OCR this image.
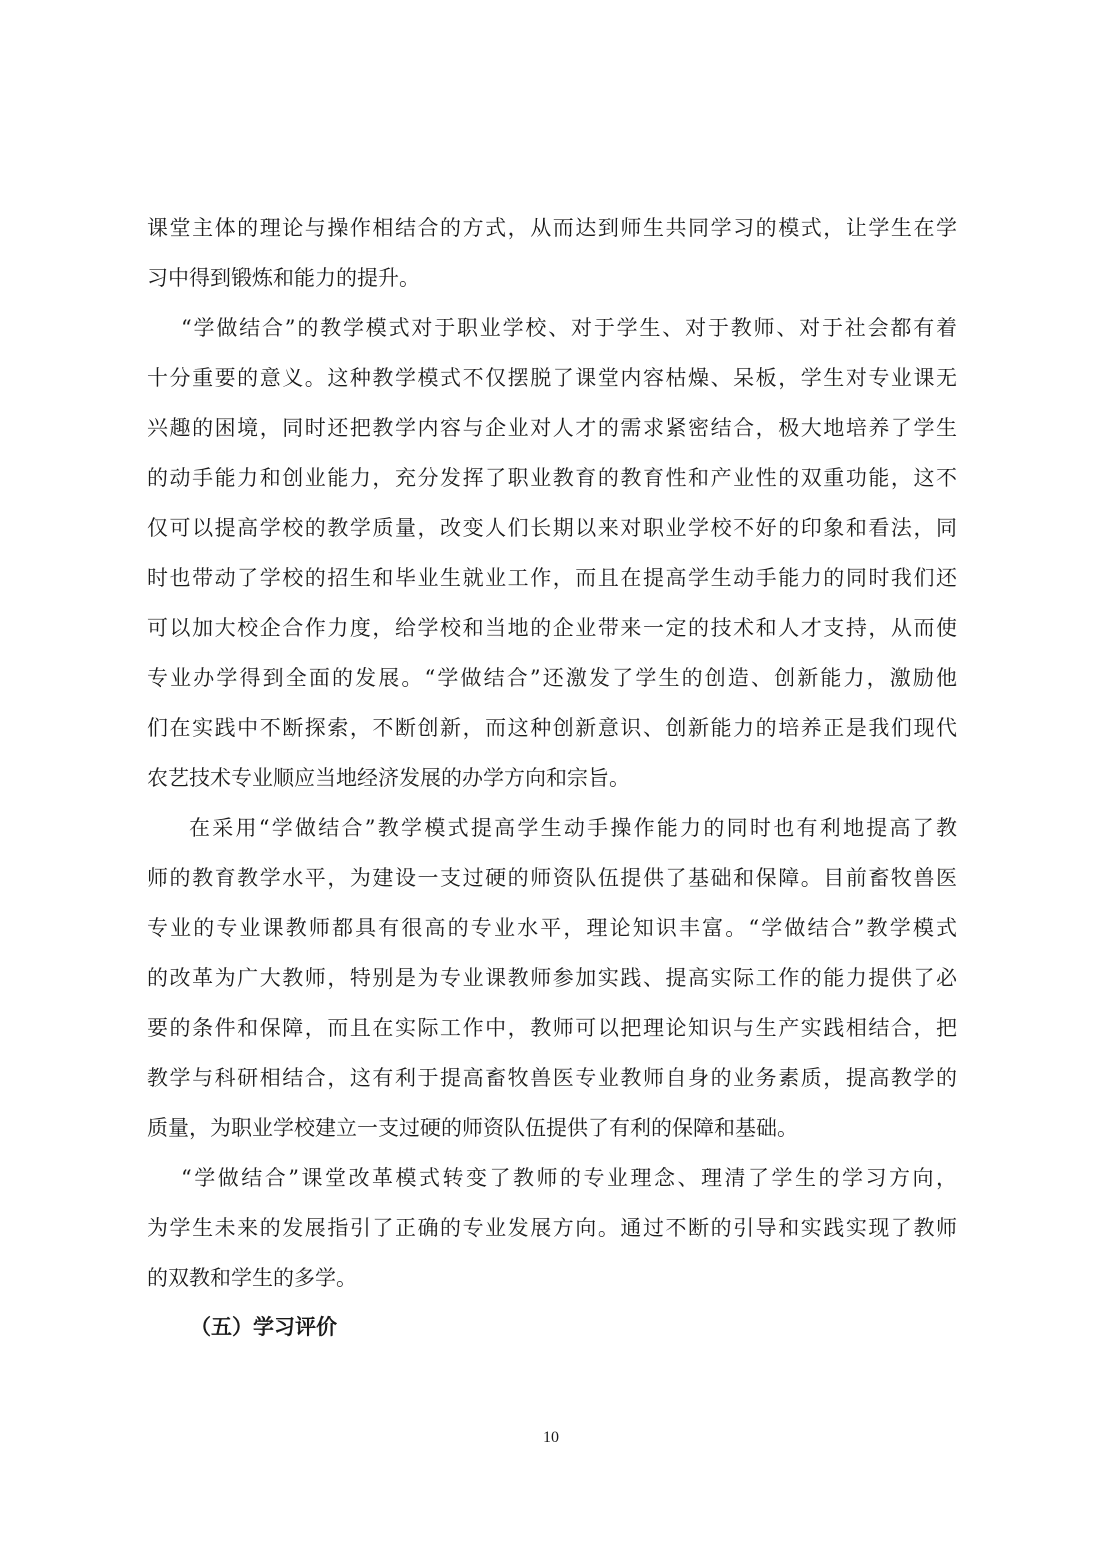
课堂主体的理论与操作相结合的方式，从而达到师生共同学习的模式，让学生在学
习中得到锻炼和能力的提升。
“学做结合”的教学模式对于职业学校、对于学生、对于教师、对于社会都有着
十分重要的意义。这种教学模式不仅摆脱了课堂内容枯燥、呆板，学生对专业课无
兴趣的困境，同时还把教学内容与企业对人才的需求紧密结合，极大地培养了学生
的动手能力和创业能力，充分发挥了职业教育的教育性和产业性的双重功能，这不
仅可以提高学校的教学质量，改变人们长期以来对职业学校不好的印象和看法，同
时也带动了学校的招生和毕业生就业工作，而且在提高学生动手能力的同时我们还
可以加大校企合作力度，给学校和当地的企业带来一定的技术和人才支持，从而使
专业办学得到全面的发展。“学做结合”还激发了学生的创造、创新能力，激励他
们在实践中不断探索，不断创新，而这种创新意识、创新能力的培养正是我们现代
农艺技术专业顺应当地经济发展的办学方向和宗旨。
在采用“学做结合”教学模式提高学生动手操作能力的同时也有利地提高了教
师的教育教学水平，为建设一支过硬的师资队伍提供了基础和保障。目前畜牧兽医
专业的专业课教师都具有很高的专业水平，理论知识丰富。“学做结合”教学模式
的改革为广大教师，特别是为专业课教师参加实践、提高实际工作的能力提供了必
要的条件和保障，而且在实际工作中，教师可以把理论知识与生产实践相结合，把
教学与科研相结合，这有利于提高畜牧兽医专业教师自身的业务素质，提高教学的
质量，为职业学校建立一支过硬的师资队伍提供了有利的保障和基础。
“学做结合”课堂改革模式转变了教师的专业理念、理清了学生的学习方向，
为学生未来的发展指引了正确的专业发展方向。通过不断的引导和实践实现了教师
的双教和学生的多学。
（五）学习评价
10
